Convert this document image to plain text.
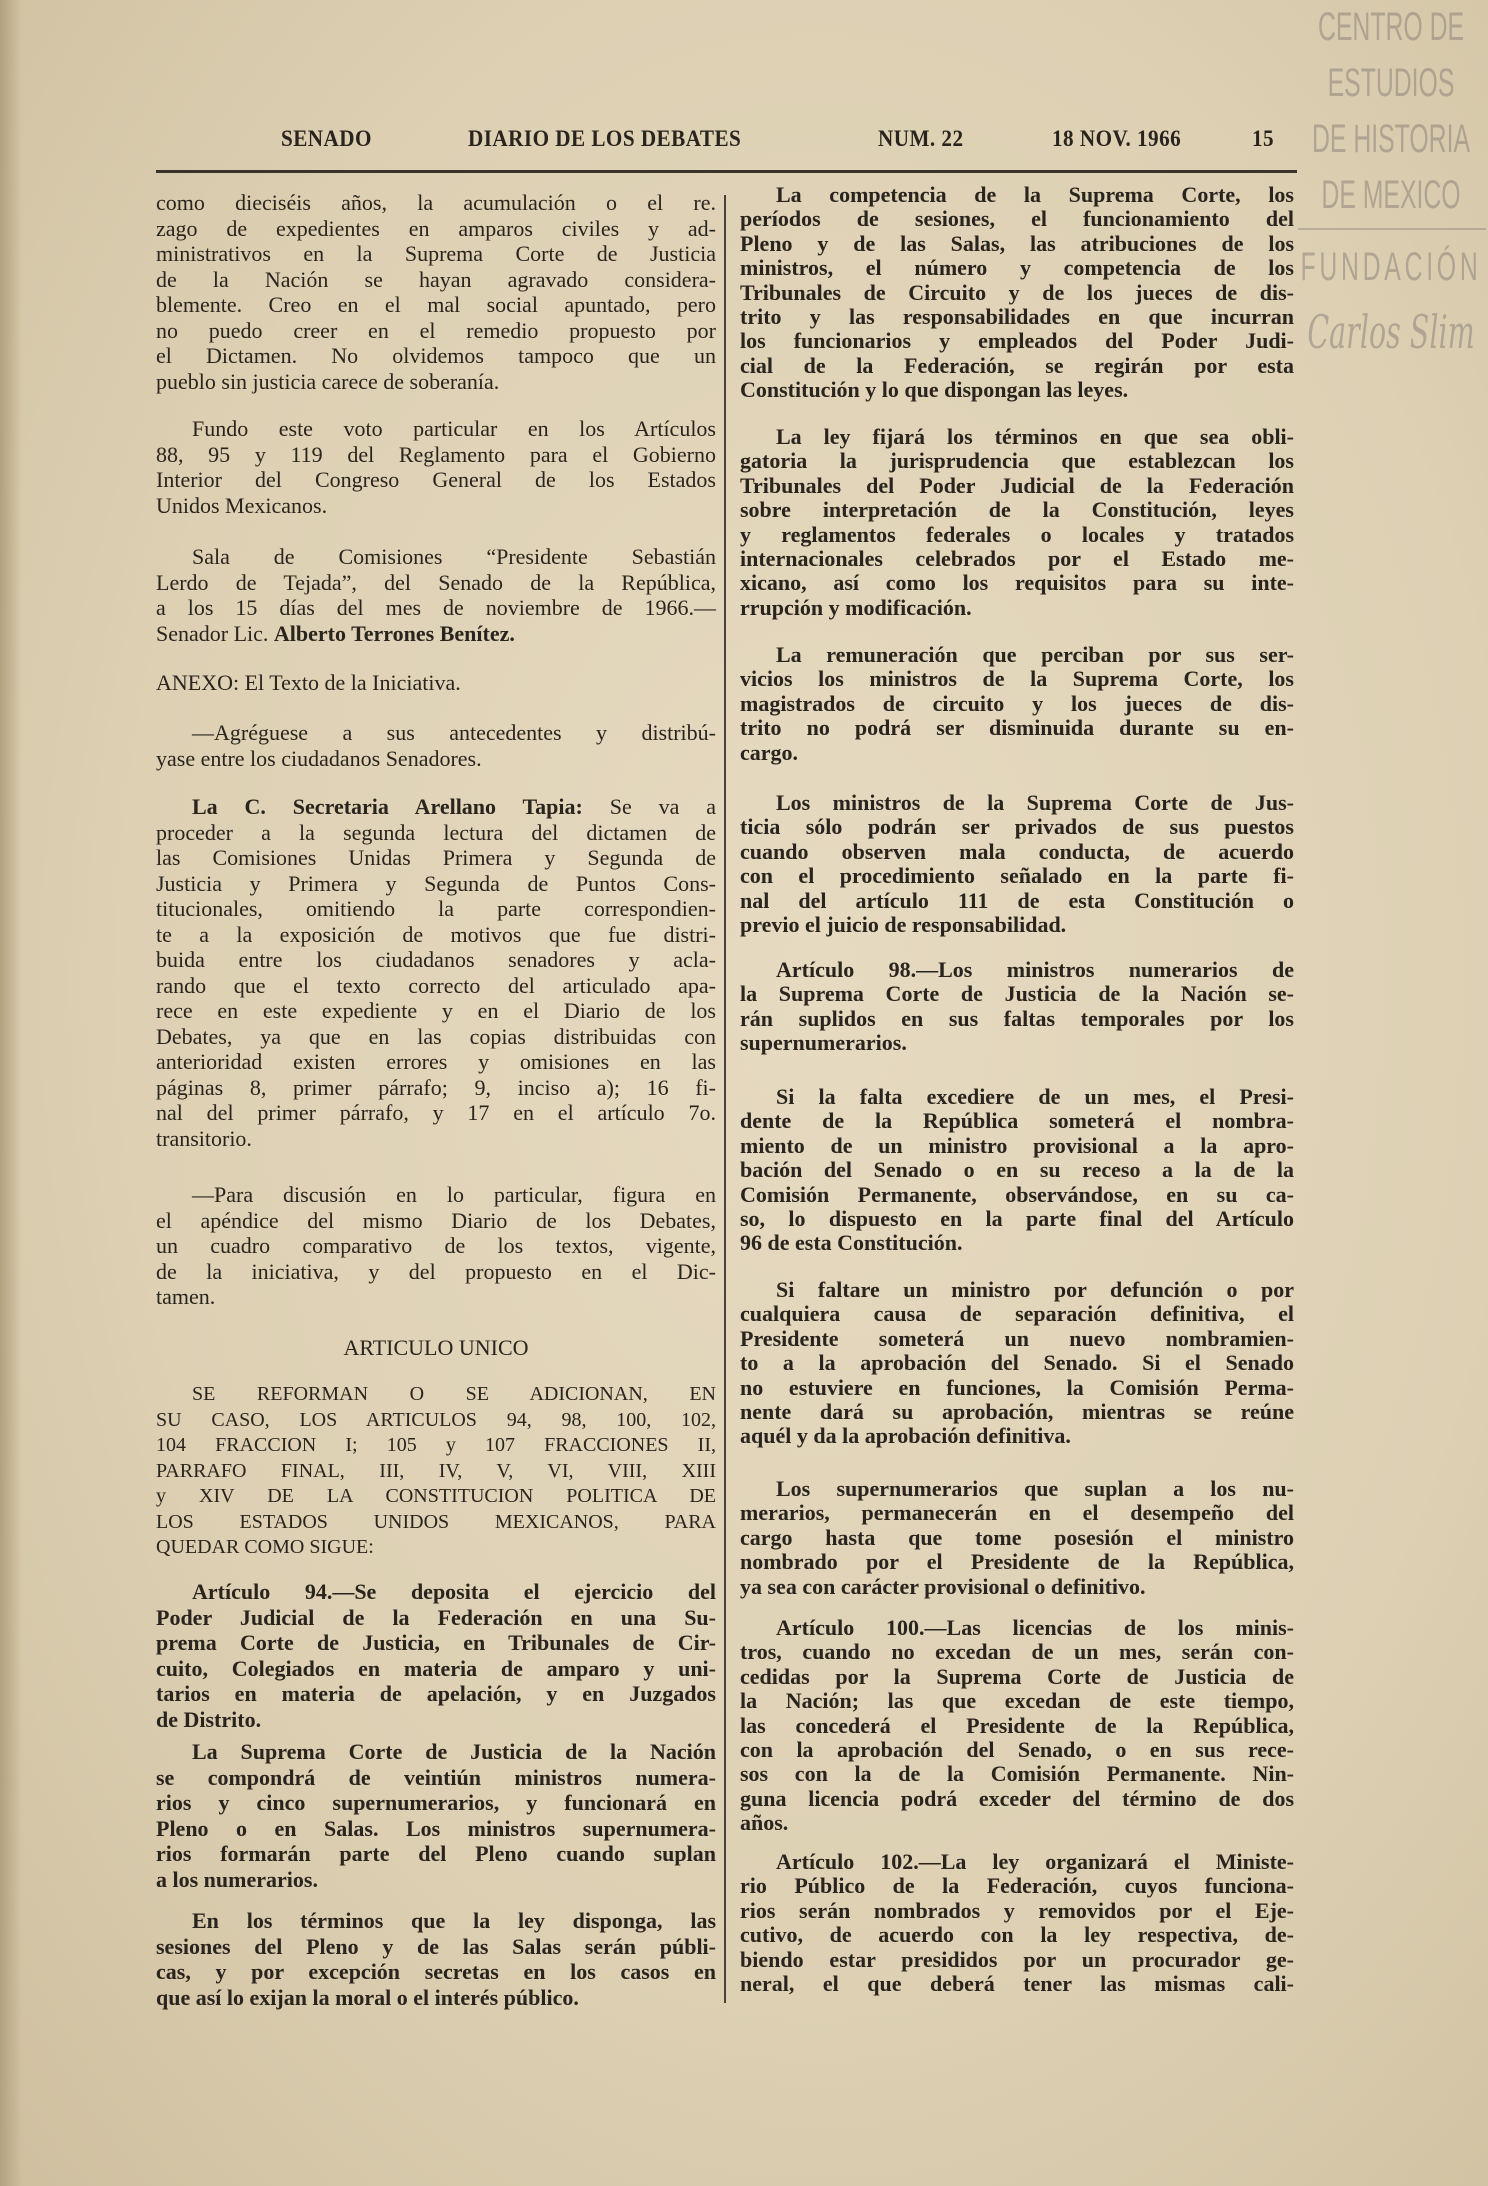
SENADO	DIARIO DE LOS DEBATES	NUM. 22	18 NOV. 1966	15
CENTRO DE
ESTUDIOS
DE HISTORIA
DE MEXICO
FUNDACIÓN
Carlos Slim
como dieciséis años, la acumulación o el re.
zago de expedientes en amparos civiles y ad-
ministrativos en la Suprema Corte de Justicia
de la Nación se hayan agravado considera-
blemente. Creo en el mal social apuntado, pero
no puedo creer en el remedio propuesto por
el Dictamen. No olvidemos tampoco que un
pueblo sin justicia carece de soberanía.
Fundo este voto particular en los Artículos
88, 95 y 119 del Reglamento para el Gobierno
Interior del Congreso General de los Estados
Unidos Mexicanos.
Sala de Comisiones “Presidente Sebastián
Lerdo de Tejada”, del Senado de la República,
a los 15 días del mes de noviembre de 1966.—
Senador Lic. Alberto Terrones Benítez.
ANEXO: El Texto de la Iniciativa.
—Agréguese a sus antecedentes y distribú-
yase entre los ciudadanos Senadores.
La C. Secretaria Arellano Tapia: Se va a
proceder a la segunda lectura del dictamen de
las Comisiones Unidas Primera y Segunda de
Justicia y Primera y Segunda de Puntos Cons-
titucionales, omitiendo la parte correspondien-
te a la exposición de motivos que fue distri-
buida entre los ciudadanos senadores y acla-
rando que el texto correcto del articulado apa-
rece en este expediente y en el Diario de los
Debates, ya que en las copias distribuidas con
anterioridad existen errores y omisiones en las
páginas 8, primer párrafo; 9, inciso a); 16 fi-
nal del primer párrafo, y 17 en el artículo 7o.
transitorio.
—Para discusión en lo particular, figura en
el apéndice del mismo Diario de los Debates,
un cuadro comparativo de los textos, vigente,
de la iniciativa, y del propuesto en el Dic-
tamen.
SE REFORMAN O SE ADICIONAN, EN
SU CASO, LOS ARTICULOS 94, 98, 100, 102,
104 FRACCION I; 105 y 107 FRACCIONES II,
PARRAFO FINAL, III, IV, V, VI, VIII, XIII
y XIV DE LA CONSTITUCION POLITICA DE
LOS ESTADOS UNIDOS MEXICANOS, PARA
QUEDAR COMO SIGUE:
Artículo 94.—Se deposita el ejercicio del
Poder Judicial de la Federación en una Su-
prema Corte de Justicia, en Tribunales de Cir-
cuito, Colegiados en materia de amparo y uni-
tarios en materia de apelación, y en Juzgados
de Distrito.
La Suprema Corte de Justicia de la Nación
se compondrá de veintiún ministros numera-
rios y cinco supernumerarios, y funcionará en
Pleno o en Salas. Los ministros supernumera-
rios formarán parte del Pleno cuando suplan
a los numerarios.
En los términos que la ley disponga, las
sesiones del Pleno y de las Salas serán públi-
cas, y por excepción secretas en los casos en
que así lo exijan la moral o el interés público.
ARTICULO UNICO
La competencia de la Suprema Corte, los
períodos de sesiones, el funcionamiento del
Pleno y de las Salas, las atribuciones de los
ministros, el número y competencia de los
Tribunales de Circuito y de los jueces de dis-
trito y las responsabilidades en que incurran
los funcionarios y empleados del Poder Judi-
cial de la Federación, se regirán por esta
Constitución y lo que dispongan las leyes.
La ley fijará los términos en que sea obli-
gatoria la jurisprudencia que establezcan los
Tribunales del Poder Judicial de la Federación
sobre interpretación de la Constitución, leyes
y reglamentos federales o locales y tratados
internacionales celebrados por el Estado me-
xicano, así como los requisitos para su inte-
rrupción y modificación.
La remuneración que perciban por sus ser-
vicios los ministros de la Suprema Corte, los
magistrados de circuito y los jueces de dis-
trito no podrá ser disminuida durante su en-
cargo.
Los ministros de la Suprema Corte de Jus-
ticia sólo podrán ser privados de sus puestos
cuando observen mala conducta, de acuerdo
con el procedimiento señalado en la parte fi-
nal del artículo 111 de esta Constitución o
previo el juicio de responsabilidad.
Artículo 98.—Los ministros numerarios de
la Suprema Corte de Justicia de la Nación se-
rán suplidos en sus faltas temporales por los
supernumerarios.
Si la falta excediere de un mes, el Presi-
dente de la República someterá el nombra-
miento de un ministro provisional a la apro-
bación del Senado o en su receso a la de la
Comisión Permanente, observándose, en su ca-
so, lo dispuesto en la parte final del Artículo
96 de esta Constitución.
Si faltare un ministro por defunción o por
cualquiera causa de separación definitiva, el
Presidente someterá un nuevo nombramien-
to a la aprobación del Senado. Si el Senado
no estuviere en funciones, la Comisión Perma-
nente dará su aprobación, mientras se reúne
aquél y da la aprobación definitiva.
Los supernumerarios que suplan a los nu-
merarios, permanecerán en el desempeño del
cargo hasta que tome posesión el ministro
nombrado por el Presidente de la República,
ya sea con carácter provisional o definitivo.
Artículo 100.—Las licencias de los minis-
tros, cuando no excedan de un mes, serán con-
cedidas por la Suprema Corte de Justicia de
la Nación; las que excedan de este tiempo,
las concederá el Presidente de la República,
con la aprobación del Senado, o en sus rece-
sos con la de la Comisión Permanente. Nin-
guna licencia podrá exceder del término de dos
años.
Artículo 102.—La ley organizará el Ministe-
rio Público de la Federación, cuyos funciona-
rios serán nombrados y removidos por el Eje-
cutivo, de acuerdo con la ley respectiva, de-
biendo estar presididos por un procurador ge-
neral, el que deberá tener las mismas cali-
